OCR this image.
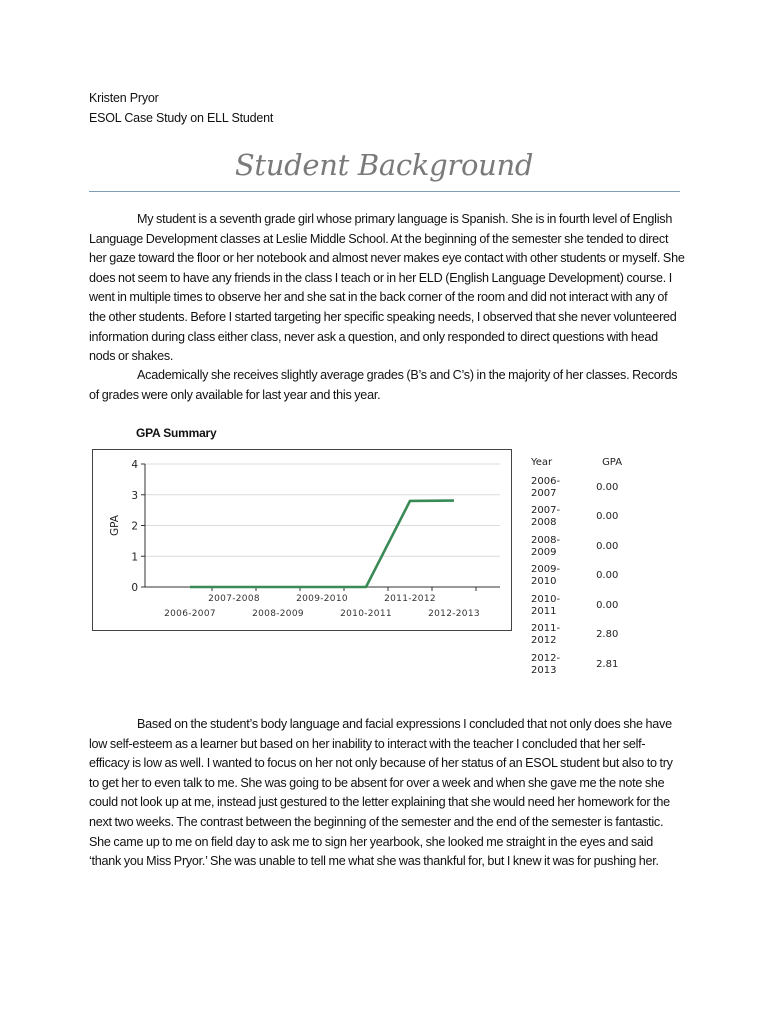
Kristen Pryor
ESOL Case Study on ELL Student
Student Background

My student is a seventh grade girl whose primary language is Spanish. She is in fourth level of English Language Development classes at Leslie Middle School. At the beginning of the semester she tended to direct her gaze toward the floor or her notebook and almost never makes eye contact with other students or myself. She does not seem to have any friends in the class I teach or in her ELD (English Language Development) course. I went in multiple times to observe her and she sat in the back corner of the room and did not interact with any of the other students. Before I started targeting her specific speaking needs, I observed that she never volunteered information during class either class, never ask a question, and only responded to direct questions with head nods or shakes.

Academically she receives slightly average grades (B’s and C’s) in the majority of her classes. Records of grades were only available for last year and this year.

GPA Summary
0
1
2
3
4
GPA
2006-2007
2007-2008
2008-2009
2009-2010
2010-2011
2011-2012
2012-2013
Year	GPA
2006-
2007	0.00
2007-
2008	0.00
2008-
2009	0.00
2009-
2010	0.00
2010-
2011	0.00
2011-
2012	2.80
2012-
2013	2.81

Based on the student’s body language and facial expressions I concluded that not only does she have low self-esteem as a learner but based on her inability to interact with the teacher I concluded that her self-efficacy is low as well. I wanted to focus on her not only because of her status of an ESOL student but also to try to get her to even talk to me. She was going to be absent for over a week and when she gave me the note she could not look up at me, instead just gestured to the letter explaining that she would need her homework for the next two weeks. The contrast between the beginning of the semester and the end of the semester is fantastic. She came up to me on field day to ask me to sign her yearbook, she looked me straight in the eyes and said ‘thank you Miss Pryor.’ She was unable to tell me what she was thankful for, but I knew it was for pushing her.
